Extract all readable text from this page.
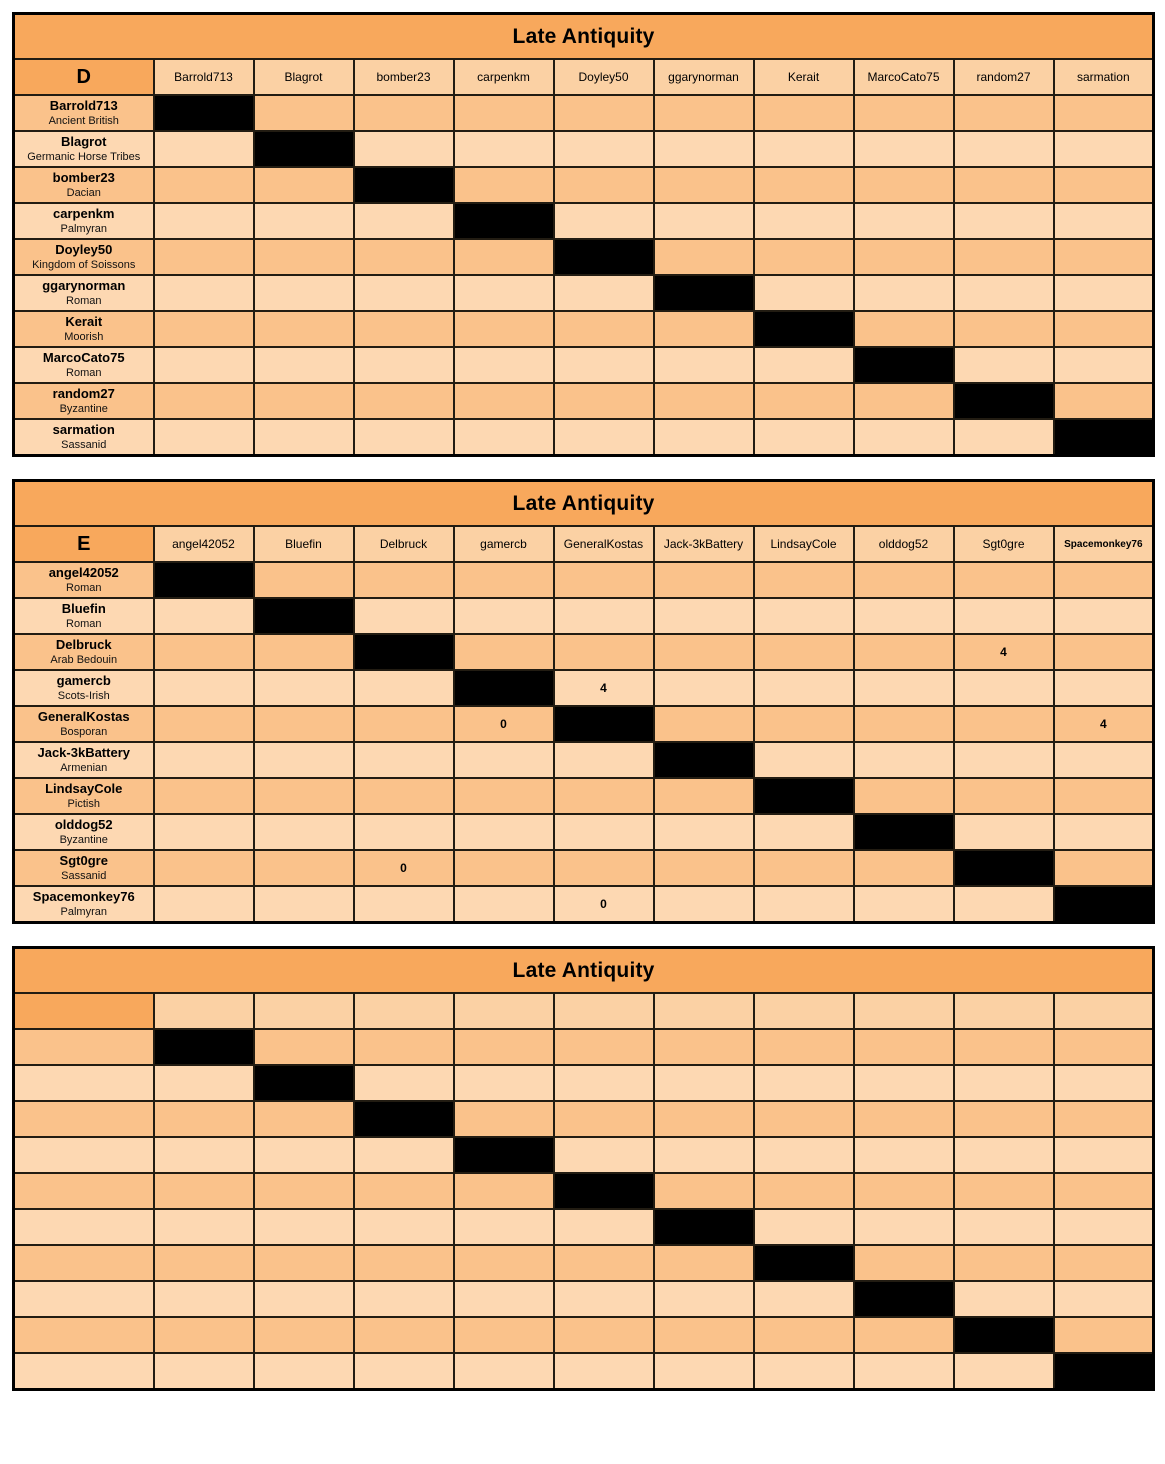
Late Antiquity										
D	Barrold713	Blagrot	bomber23	carpenkm	Doyley50	ggarynorman	Kerait	MarcoCato75	random27	sarmation

Barrold713
Ancient British										

Blagrot
Germanic Horse Tribes										

bomber23
Dacian										

carpenkm
Palmyran										

Doyley50
Kingdom of Soissons										

ggarynorman
Roman										

Kerait
Moorish										

MarcoCato75
Roman										

random27
Byzantine										

sarmation
Sassanid										

Late Antiquity										
E	angel42052	Bluefin	Delbruck	gamercb	GeneralKostas	Jack-3kBattery	LindsayCole	olddog52	Sgt0gre	Spacemonkey76

angel42052
Roman										

Bluefin
Roman										

Delbruck
Arab Bedouin									4	

gamercb
Scots-Irish					4					

GeneralKostas
Bosporan				0						4

Jack-3kBattery
Armenian										

LindsayCole
Pictish										

olddog52
Byzantine										

Sgt0gre
Sassanid			0							

Spacemonkey76
Palmyran					0					
Late Antiquity										
